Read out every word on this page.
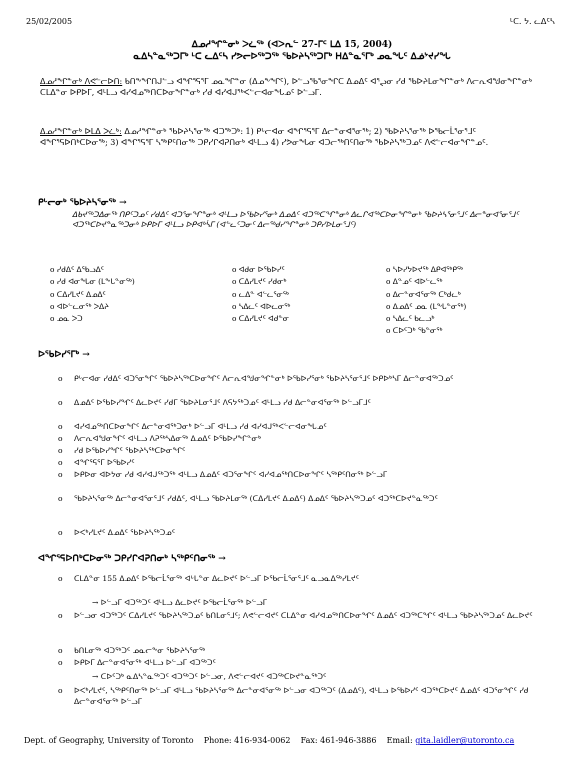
25/02/2005	ᒻᑕ. ᔭ. ᓚᐃᑦᓴ
ᐃᓄᓱᖏᓐᓂᒃ ᐳᓛᖅ (ᐊᐳᕆᓪ 27-ᒥᑦ ᒪᐃ 15, 2004)
ᓇᐃᓴᓐᓇᖅᑐᒥᒃ ᒻᑕ ᓚᐃᑦᓴ ᓯᕗᓕᐅᖅᑐᖅ ᖃᐅᔨᓴᖅᑐᒥᒃ ᕼᐃᓐᓇᕐᒥᒃ ᓄᓇᖓᑦ ᐃᓅᔾᔪᓯᖓ
ᐃᓄᓱᖏᓐᓂᒃ ᐱᕙᓪᓕᐅᑎ: ᑲᑎᖕᖏᑎᒍᓪᓗ ᐊᖏᕐᕋᕐᒥ ᓄᓇᖏᓐᓂ (ᐃᓄᖕᖏᑦ), ᐅᓪᓗᖃᕐᓂᖏᑕ ᐃᓄᐃᑦ ᐊᕐᖢᓂ ᓯᑯ ᖃᐅᔨᒪᓂᖏᓐᓂᒃ ᐱᓕᕆᐊᖑᓂᖏᓐᓂᒃ ᑕᒪᐃᓐᓂ ᐅᑭᐅᒥ, ᐊᒻᒪᓗ ᐊᓯᐊᓄᖅᑎᑕᐅᓂᖏᓐᓂᒃ ᓯᑯ ᐊᓯᐊᒍᖅᐸᓪᓕᐊᓂᖓᓄᑦ ᐅᓪᓗᒥ.
ᐃᓄᓱᖏᓐᓂᒃ ᐅᒪᐃ ᐳᓛᒃ: ᐃᓄᓱᖏᓐᓂᒃ ᖃᐅᔨᓴᕐᓂᖅ ᐊᑐᖅᑐᒃ: 1) ᑭᒡᓕᐊᓂ ᐊᖏᕐᕋᕐᒥ ᐃᓕᓐᓂᐊᕐᓂᖅ; 2) ᖃᐅᔨᓴᕐᓂᖅ ᐅᖃᓕᒫᕐᓂᕐᒧᑦ ᐊᖏᕐᕋᐅᑎᒃᑕᐅᓂᖅ; 3) ᐊᖏᕐᕋᕐᒥ ᓴᖅᑭᑦᑎᓂᖅ ᑐᑭᓯᒋᐊᕈᑎᓂᒃ ᐊᒻᒪᓗ 4) ᓯᕗᓂᖓᓂ ᐊᑐᓕᖅᑎᑦᑎᓂᖅ ᖃᐅᔨᓴᖅᑐᓄᑦ ᐱᕙᓪᓕᐊᓂᖏᓐᓄᑦ.
ᑭᒡᓕᓂᒃ ᖃᐅᔨᓴᕐᓂᖅ →
ᐃᑲᔪᖅᑐᐃᓂᖅ ᑎᑭᑦᑐᓄᑦ ᓯᑯᐃᑦ ᐊᑐᕐᓂᖏᓐᓂᒃ ᐊᒻᒪᓗ ᐅᖃᐅᓯᕐᓂᒃ ᐃᓄᐃᑦ ᐊᑐᖅᑕᖏᓐᓂᒃ ᐃᓚᒋᐊᖅᑕᐅᓂᖏᓐᓂᒃ ᖃᐅᔨᓴᕐᓂᕐᒧᑦ ᐃᓕᓐᓂᐊᕐᓂᕐᒧᑦ ᐊᑐᖅᑕᐅᔪᓐᓇᖅᑐᓂᒃ ᐅᑭᐅᒥ ᐊᒻᒪᓗ ᐅᑭᐊᒃᓵᒥ (ᐊᓪᓚᑦᑐᓂᑦ ᐃᓕᖅᑯᓯᖏᓐᓂᒃ ᑐᑭᓯᐅᒪᓂᕐᒧᑦ)
o ᓯᑯᐃᑦ ᐃᖃᓗᐃᑦ
o ᓯᑯ ᐊᓂᖓᓂ (ᒪᖕᒐᓐᓂᖅ)
o ᑕᐃᓯᒪᔪᑦ ᐃᓄᐃᑦ
o ᐊᐅᓪᓚᓂᖅ ᐳᐃᔨ
o ᓄᓇ ᐳᑐ
o ᐊᑯᓂ ᐅᖃᐅᓯᑦ
o ᑕᐃᓯᒪᔪᑦ ᓯᑯᓂᒃ
o ᓚᐃᓐ ᐊᓪᓚᕐᓂᖅ
o ᓴᐃᓚᑦ ᐊᐅᓚᓂᖅ
o ᑕᐃᓯᒪᔪᑦ ᐊᑯᓐᓂ
o ᓴᐅᓯᔭᐅᔪᖅ ᐃᑭᐊᖅᑭᖅ
o ᐃᓐᓄᑦ ᐊᐅᓪᓚᖅ
o ᐃᓕᓐᓂᐊᕐᓂᖅ ᑕᒃᑯᓚᒃ
o ᐃᓄᐃᑦ ᓄᓇ (ᒪᖕᒐᓐᓂᖅ)
o ᓴᐃᓚᑦ ᑲᓚᓗᒃ
o ᑕᐅᑦᑐᒃ ᖃᓐᓂᖅ
ᐅᖃᐅᓯᕐᒥᒃ →
o ᑭᒡᓕᐊᓂ ᓯᑯᐃᑦ ᐊᑐᕐᓂᖏᑦ ᖃᐅᔨᓴᖅᑕᐅᓂᖏᑦ ᐱᓕᕆᐊᖑᓂᖏᓐᓂᒃ ᐅᖃᐅᓯᕐᓂᒃ ᖃᐅᔨᓴᕐᓂᕐᒧᑦ ᐅᑭᐅᒃᓴᒥ ᐃᓕᓐᓂᐊᖅᑐᓄᑦ
o ᐃᓄᐃᑦ ᐅᖃᐅᓯᖏᑦ ᐃᓚᐅᔪᑦ ᓯᑯᒥ ᖃᐅᔨᒪᓂᕐᒧᑦ ᐱᕋᔭᖅᑐᓄᑦ ᐊᒻᒪᓗ ᓯᑯ ᐃᓕᓐᓂᐊᕐᓂᖅ ᐅᓪᓗᒥᒧᑦ
o ᐊᓯᐊᓄᖅᑎᑕᐅᓂᖏᑦ ᐃᓕᓐᓂᐊᖅᑐᓂᒃ ᐅᓪᓗᒥ ᐊᒻᒪᓗ ᓯᑯ ᐊᓯᐊᒍᖅᐸᓪᓕᐊᓂᖓᓄᑦ
o ᐱᓕᕆᐊᖑᓂᖏᑦ ᐊᒻᒪᓗ ᐱᕈᖅᓴᐃᓂᖅ ᐃᓄᐃᑦ ᐅᖃᐅᓯᖏᓐᓂᒃ
o ᓯᑯ ᐅᖃᐅᓯᖏᑦ ᖃᐅᔨᓴᖅᑕᐅᓂᖏᑦ
o ᐊᖏᕐᕋᕐᒥ ᐅᖃᐅᓯᑦ
o ᐅᑭᐅᓂ ᐊᐅᔭᓂ ᓯᑯ ᐊᓯᐊᒍᖅᑐᖅ ᐊᒻᒪᓗ ᐃᓄᐃᑦ ᐊᑐᕐᓂᖏᑦ ᐊᓯᐊᓄᖅᑎᑕᐅᓂᖏᑦ ᓴᖅᑭᑦᑎᓂᖅ ᐅᓪᓗᒥ
o ᖃᐅᔨᓴᕐᓂᖅ ᐃᓕᓐᓂᐊᕐᓂᕐᒧᑦ ᓯᑯᐃᑦ, ᐊᒻᒪᓗ ᖃᐅᔨᒪᓂᖅ (ᑕᐃᓯᒪᔪᑦ ᐃᓄᐃᑦ) ᐃᓄᐃᑦ ᖃᐅᔨᓴᖅᑐᓄᑦ ᐊᑐᖅᑕᐅᔪᓐᓇᖅᑐᑦ
o ᐅᐸᒃᓯᒪᔪᑦ ᐃᓄᐃᑦ ᖃᐅᔨᓴᖅᑐᓄᑦ
ᐊᖏᕐᕋᐅᑎᒃᑕᐅᓂᖅ ᑐᑭᓯᒋᐊᕈᑎᓂᒃ ᓴᖅᑭᑦᑎᓂᖅ →
o ᑕᒪᐃᓐᓂ 155 ᐃᓄᐃᑦ ᐅᖃᓕᒫᕐᓂᖅ ᐊᒡᒐᓐᓂ ᐃᓚᐅᔪᑦ ᐅᓪᓗᒥ ᐅᖃᓕᒫᕐᓂᕐᒧᑦ ᓇᓗᓇᐃᖅᓯᒪᔪᑦ
→ ᐅᓪᓗᒥ ᐊᑐᖅᑐᑦ ᐊᒻᒪᓗ ᐃᓚᐅᔪᑦ ᐅᖃᓕᒫᕐᓂᖅ ᐅᓪᓗᒥ
o ᐅᓪᓗᓂ ᐊᑐᖅᑐᑦ ᑕᐃᓯᒪᔪᑦ ᖃᐅᔨᓴᖅᑐᓄᑦ ᑲᑎᒪᓂᕐᒧᑦ; ᐱᕙᓪᓕᐊᔪᑦ ᑕᒪᐃᓐᓂ ᐊᓯᐊᓄᖅᑎᑕᐅᓂᖏᑦ ᐃᓄᐃᑦ ᐊᑐᖅᑕᖏᑦ ᐊᒻᒪᓗ ᖃᐅᔨᓴᖅᑐᓄᑦ ᐃᓚᐅᔪᑦ
o ᑲᑎᒪᓂᖅ ᐊᑐᖅᑐᑦ ᓄᓇᓕᖕᓂ ᖃᐅᔨᓴᕐᓂᖅ
o ᐅᑭᐅᒥ ᐃᓕᓐᓂᐊᕐᓂᖅ ᐊᒻᒪᓗ ᐅᓪᓗᒥ ᐊᑐᖅᑐᑦ
→ ᑕᐅᑦᑐᒃ ᓇᐃᓴᓐᓇᖅᑐᑦ ᐊᑐᖅᑐᑦ ᐅᓪᓗᓂ, ᐱᕙᓪᓕᐊᔪᑦ ᐊᑐᖅᑕᐅᔪᓐᓇᖅᑐᑦ
o ᐅᐸᒃᓯᒪᔪᑦ, ᓴᖅᑭᑦᑎᓂᖅ ᐅᓪᓗᒥ ᐊᒻᒪᓗ ᖃᐅᔨᓴᕐᓂᖅ ᐃᓕᓐᓂᐊᕐᓂᖅ ᐅᓪᓗᓂ ᐊᑐᖅᑐᑦ (ᐃᓄᐃᑦ), ᐊᒻᒪᓗ ᐅᖃᐅᓯᑦ ᐊᑐᖅᑕᐅᔪᑦ ᐃᓄᐃᑦ ᐊᑐᕐᓂᖏᑦ ᓯᑯ ᐃᓕᓐᓂᐊᕐᓂᖅ ᐅᓪᓗᒥ
Dept. of Geography, University of Toronto Phone: 416-934-0062 Fax: 461-946-3886 Email: gita.laidler@utoronto.ca
